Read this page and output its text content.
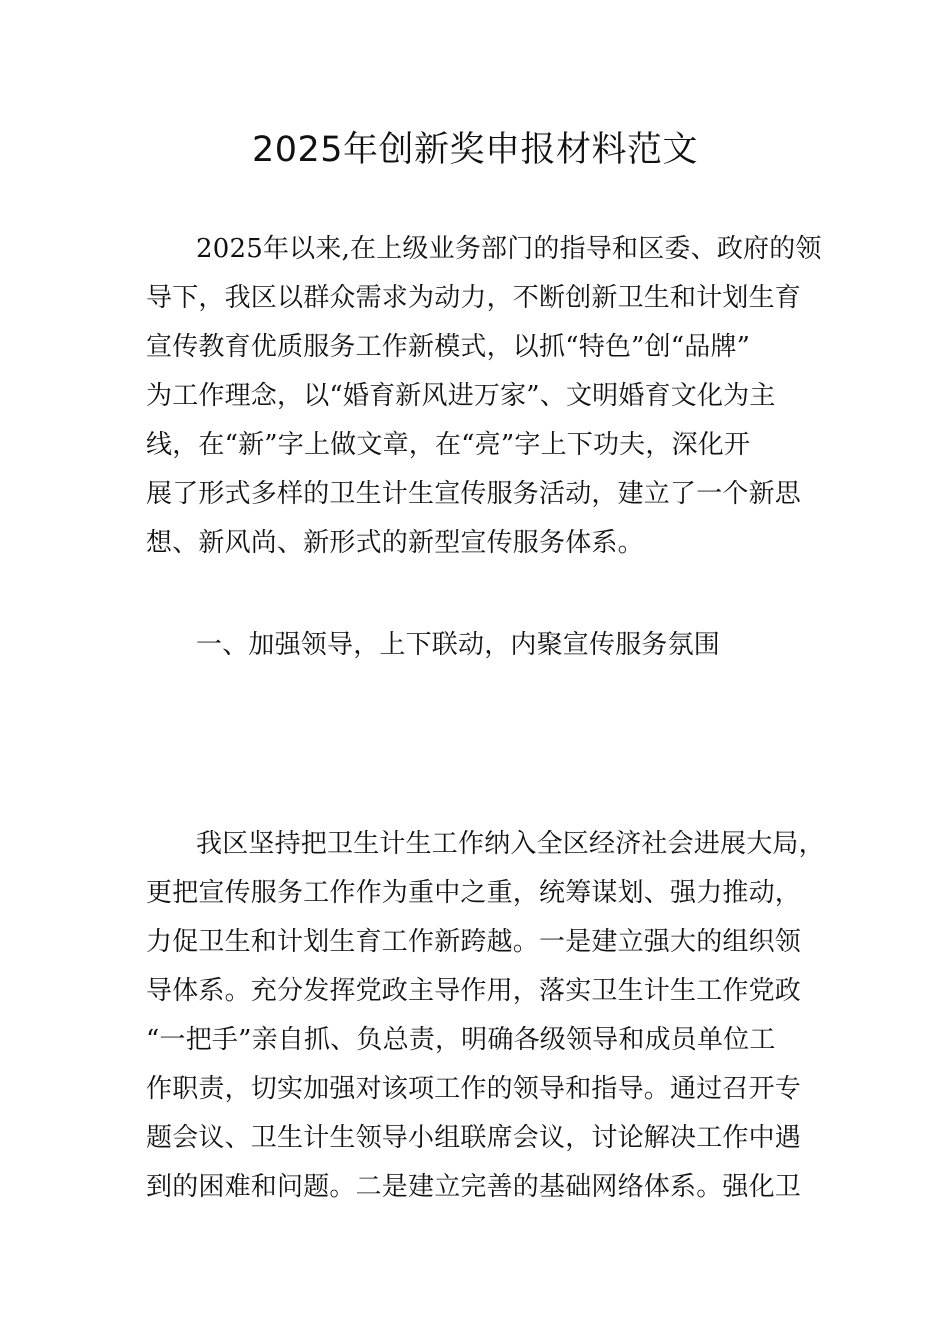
2025年创新奖申报材料范文
2025年以来,在上级业务部门的指导和区委、政府的领
导下，我区以群众需求为动力，不断创新卫生和计划生育
宣传教育优质服务工作新模式，以抓“特色”创“品牌”
为工作理念，以“婚育新风进万家”、文明婚育文化为主
线，在“新”字上做文章，在“亮”字上下功夫，深化开
展了形式多样的卫生计生宣传服务活动，建立了一个新思
想、新风尚、新形式的新型宣传服务体系。
一、加强领导，上下联动，内聚宣传服务氛围
我区坚持把卫生计生工作纳入全区经济社会进展大局，
更把宣传服务工作作为重中之重，统筹谋划、强力推动，
力促卫生和计划生育工作新跨越。一是建立强大的组织领
导体系。充分发挥党政主导作用，落实卫生计生工作党政
“一把手”亲自抓、负总责，明确各级领导和成员单位工
作职责，切实加强对该项工作的领导和指导。通过召开专
题会议、卫生计生领导小组联席会议，讨论解决工作中遇
到的困难和问题。二是建立完善的基础网络体系。强化卫
